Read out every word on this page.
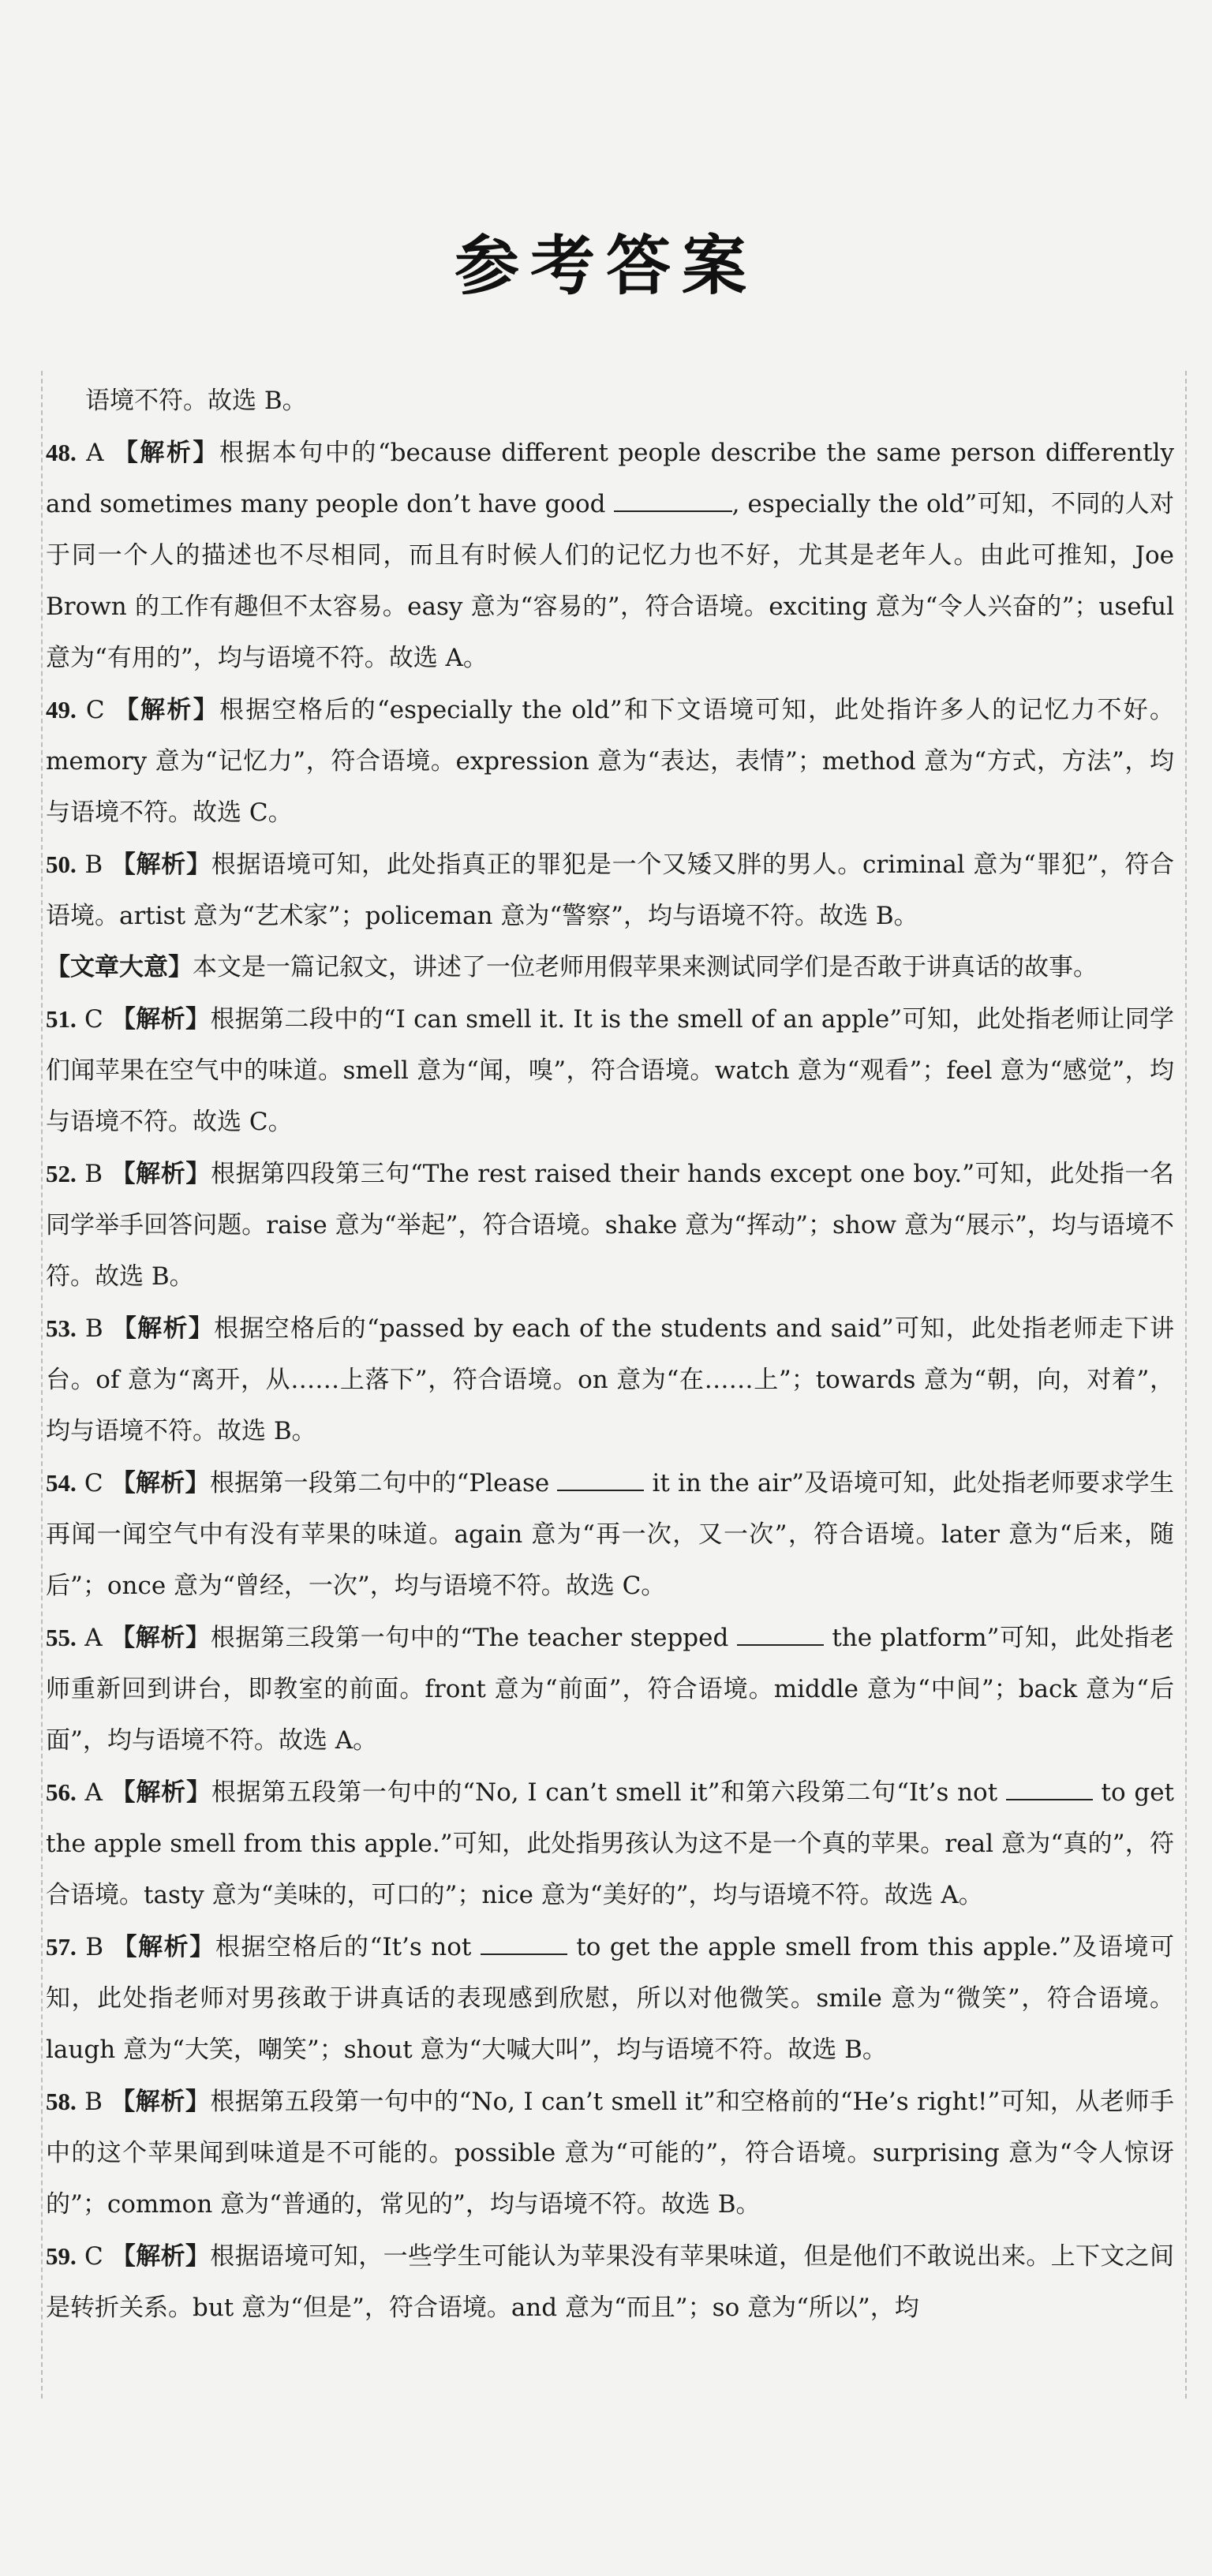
参考答案
语境不符。故选 B。
48. A 【解析】根据本句中的“because different people describe the same person differently and sometimes many people don’t have good	, especially the old”可知，不同的人对于同一个人的描述也不尽相同，而且有时候人们的记忆力也不好，尤其是老年人。由此可推知，Joe Brown 的工作有趣但不太容易。easy 意为“容易的”，符合语境。exciting 意为“令人兴奋的”；useful 意为“有用的”，均与语境不符。故选 A。
49. C 【解析】根据空格后的“especially the old”和下文语境可知，此处指许多人的记忆力不好。memory 意为“记忆力”，符合语境。expression 意为“表达，表情”；method 意为“方式，方法”，均与语境不符。故选 C。
50. B 【解析】根据语境可知，此处指真正的罪犯是一个又矮又胖的男人。criminal 意为“罪犯”，符合语境。artist 意为“艺术家”；policeman 意为“警察”，均与语境不符。故选 B。
【文章大意】本文是一篇记叙文，讲述了一位老师用假苹果来测试同学们是否敢于讲真话的故事。
51. C 【解析】根据第二段中的“I can smell it. It is the smell of an apple”可知，此处指老师让同学们闻苹果在空气中的味道。smell 意为“闻，嗅”，符合语境。watch 意为“观看”；feel 意为“感觉”，均与语境不符。故选 C。
52. B 【解析】根据第四段第三句“The rest raised their hands except one boy.”可知，此处指一名同学举手回答问题。raise 意为“举起”，符合语境。shake 意为“挥动”；show 意为“展示”，均与语境不符。故选 B。
53. B 【解析】根据空格后的“passed by each of the students and said”可知，此处指老师走下讲台。of 意为“离开，从……上落下”，符合语境。on 意为“在……上”；towards 意为“朝，向，对着”，均与语境不符。故选 B。
54. C 【解析】根据第一段第二句中的“Please	it in the air”及语境可知，此处指老师要求学生再闻一闻空气中有没有苹果的味道。again 意为“再一次，又一次”，符合语境。later 意为“后来，随后”；once 意为“曾经，一次”，均与语境不符。故选 C。
55. A 【解析】根据第三段第一句中的“The teacher stepped	the platform”可知，此处指老师重新回到讲台，即教室的前面。front 意为“前面”，符合语境。middle 意为“中间”；back 意为“后面”，均与语境不符。故选 A。
56. A 【解析】根据第五段第一句中的“No, I can’t smell it”和第六段第二句“It’s not	to get the apple smell from this apple.”可知，此处指男孩认为这不是一个真的苹果。real 意为“真的”，符合语境。tasty 意为“美味的，可口的”；nice 意为“美好的”，均与语境不符。故选 A。
57. B 【解析】根据空格后的“It’s not	to get the apple smell from this apple.”及语境可知，此处指老师对男孩敢于讲真话的表现感到欣慰，所以对他微笑。smile 意为“微笑”，符合语境。laugh 意为“大笑，嘲笑”；shout 意为“大喊大叫”，均与语境不符。故选 B。
58. B 【解析】根据第五段第一句中的“No, I can’t smell it”和空格前的“He’s right!”可知，从老师手中的这个苹果闻到味道是不可能的。possible 意为“可能的”，符合语境。surprising 意为“令人惊讶的”；common 意为“普通的，常见的”，均与语境不符。故选 B。
59. C 【解析】根据语境可知，一些学生可能认为苹果没有苹果味道，但是他们不敢说出来。上下文之间是转折关系。but 意为“但是”，符合语境。and 意为“而且”；so 意为“所以”，均
